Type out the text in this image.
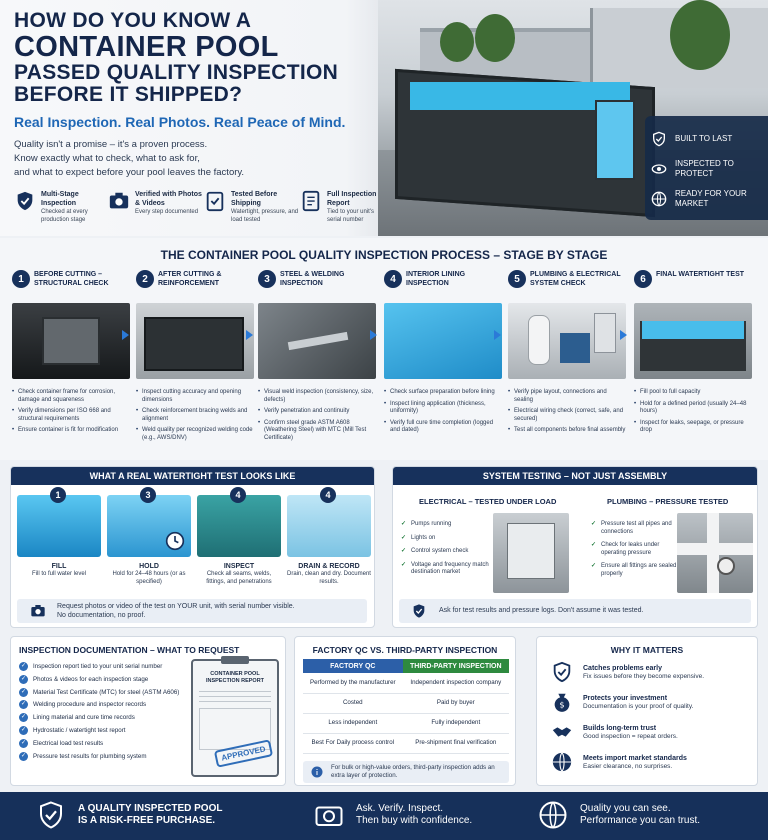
HOW DO YOU KNOW A
CONTAINER POOL
PASSED QUALITY INSPECTION
BEFORE IT SHIPPED?
Real Inspection. Real Photos. Real Peace of Mind.
Quality isn't a promise – it's a proven process.
Know exactly what to check, what to ask for,
and what to expect before your pool leaves the factory.
Multi-Stage Inspection
Checked at every production stage
Verified with Photos & Videos
Every step documented
Tested Before Shipping
Watertight, pressure, and load tested
Full Inspection Report
Tied to your unit's serial number
BUILT TO LAST
INSPECTED TO PROTECT
READY FOR YOUR MARKET
THE CONTAINER POOL QUALITY INSPECTION PROCESS – STAGE BY STAGE
1	BEFORE CUTTING – STRUCTURAL CHECK
• Check container frame for corrosion, damage and squareness
• Verify dimensions per ISO 668 and structural requirements
• Ensure container is fit for modification
2	AFTER CUTTING & REINFORCEMENT
• Inspect cutting accuracy and opening dimensions
• Check reinforcement bracing welds and alignment
• Weld quality per recognized welding code (e.g., AWS/DNV)
3	STEEL & WELDING INSPECTION
• Visual weld inspection (consistency, size, defects)
• Verify penetration and continuity
• Confirm steel grade ASTM A608 (Weathering Steel) with MTC (Mill Test Certificate)
4	INTERIOR LINING INSPECTION
• Check surface preparation before lining
• Inspect lining application (thickness, uniformity)
• Verify full cure time completion (logged and dated)
5	PLUMBING & ELECTRICAL SYSTEM CHECK
• Verify pipe layout, connections and sealing
• Electrical wiring check (correct, safe, and secured)
• Test all components before final assembly
6	FINAL WATERTIGHT TEST
• Fill pool to full capacity
• Hold for a defined period (usually 24–48 hours)
• Inspect for leaks, seepage, or pressure drop
WHAT A REAL WATERTIGHT TEST LOOKS LIKE
1
FILL
Fill to full water level
3
HOLD
Hold for 24–48 hours (or as specified)
4
INSPECT
Check all seams, welds, fittings, and penetrations
4
DRAIN & RECORD
Drain, clean and dry. Document results.
Request photos or video of the test on YOUR unit, with serial number visible.
No documentation, no proof.
SYSTEM TESTING – NOT JUST ASSEMBLY
ELECTRICAL – TESTED UNDER LOAD
✓ Pumps running
✓ Lights on
✓ Control system check
✓ Voltage and frequency match destination market
PLUMBING – PRESSURE TESTED
✓ Pressure test all pipes and connections
✓ Check for leaks under operating pressure
✓ Ensure all fittings are sealed properly
Ask for test results and pressure logs. Don't assume it was tested.
INSPECTION DOCUMENTATION – WHAT TO REQUEST
✓ Inspection report tied to your unit serial number
✓ Photos & videos for each inspection stage
✓ Material Test Certificate (MTC) for steel (ASTM A606)
✓ Welding procedure and inspector records
✓ Lining material and cure time records
✓ Hydrostatic / watertight test report
✓ Electrical load test results
✓ Pressure test results for plumbing system
CONTAINER POOL
INSPECTION REPORT
APPROVED
FACTORY QC VS. THIRD-PARTY INSPECTION
FACTORY QC	THIRD-PARTY INSPECTION
Performed by the manufacturer	Independent inspection company
Costed	Paid by buyer
Less independent	Fully independent
Best For Daily process control	Pre-shipment final verification
For bulk or high-value orders, third-party inspection adds an extra layer of protection.
WHY IT MATTERS
Catches problems early
Fix issues before they become expensive.
$
Protects your investment
Documentation is your proof of quality.
Builds long-term trust
Good inspection = repeat orders.
Meets import market standards
Easier clearance, no surprises.
A QUALITY INSPECTED POOL
IS A RISK-FREE PURCHASE.
Ask. Verify. Inspect.
Then buy with confidence.
Quality you can see.
Performance you can trust.
